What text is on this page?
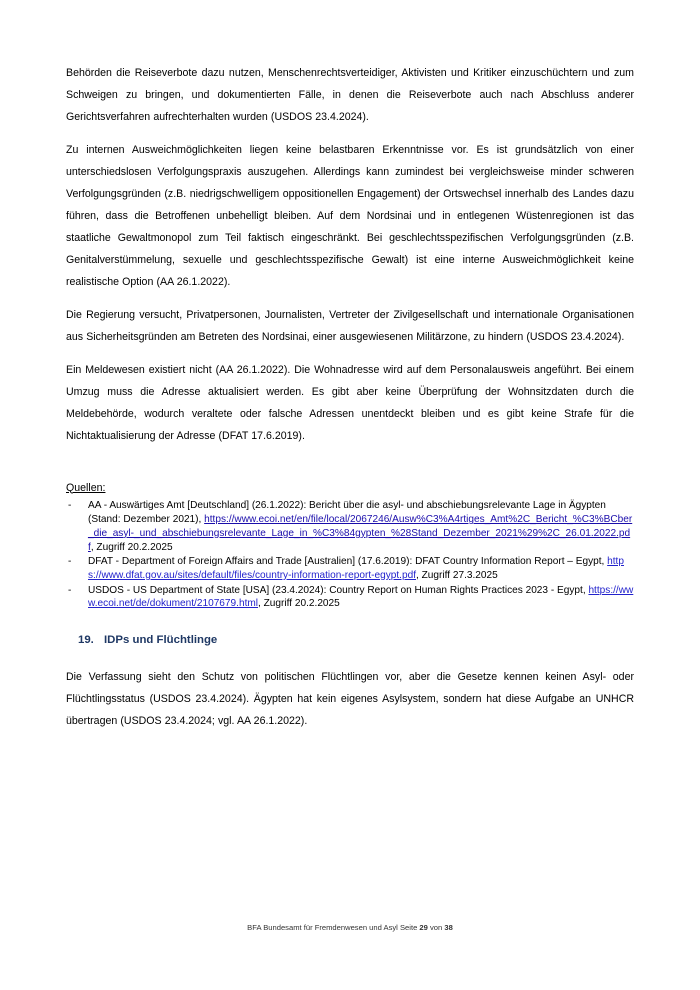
Behörden die Reiseverbote dazu nutzen, Menschenrechtsverteidiger, Aktivisten und Kritiker einzuschüchtern und zum Schweigen zu bringen, und dokumentierten Fälle, in denen die Reiseverbote auch nach Abschluss anderer Gerichtsverfahren aufrechterhalten wurden (USDOS 23.4.2024).

Zu internen Ausweichmöglichkeiten liegen keine belastbaren Erkenntnisse vor. Es ist grundsätzlich von einer unterschiedslosen Verfolgungspraxis auszugehen. Allerdings kann zumindest bei vergleichsweise minder schweren Verfolgungsgründen (z.B. niedrigschwelligem oppositionellen Engagement) der Ortswechsel innerhalb des Landes dazu führen, dass die Betroffenen unbehelligt bleiben. Auf dem Nordsinai und in entlegenen Wüstenregionen ist das staatliche Gewaltmonopol zum Teil faktisch eingeschränkt. Bei geschlechtsspezifischen Verfolgungsgründen (z.B. Genitalverstümmelung, sexuelle und geschlechtsspezifische Gewalt) ist eine interne Ausweichmöglichkeit keine realistische Option (AA 26.1.2022).

Die Regierung versucht, Privatpersonen, Journalisten, Vertreter der Zivilgesellschaft und internationale Organisationen aus Sicherheitsgründen am Betreten des Nordsinai, einer ausgewiesenen Militärzone, zu hindern (USDOS 23.4.2024).

Ein Meldewesen existiert nicht (AA 26.1.2022). Die Wohnadresse wird auf dem Personalausweis angeführt. Bei einem Umzug muss die Adresse aktualisiert werden. Es gibt aber keine Überprüfung der Wohnsitzdaten durch die Meldebehörde, wodurch veraltete oder falsche Adressen unentdeckt bleiben und es gibt keine Strafe für die Nichtaktualisierung der Adresse (DFAT 17.6.2019).

Quellen:
- AA - Auswärtiges Amt [Deutschland] (26.1.2022): Bericht über die asyl- und abschiebungsrelevante Lage in Ägypten (Stand: Dezember 2021), https://www.ecoi.net/en/file/local/2067246/Ausw%C3%A4rtiges_Amt%2C_Bericht_%C3%BCber_die_asyl-_und_abschiebungsrelevante_Lage_in_%C3%84gypten_%28Stand_Dezember_2021%29%2C_26.01.2022.pdf, Zugriff 20.2.2025
- DFAT - Department of Foreign Affairs and Trade [Australien] (17.6.2019): DFAT Country Information Report – Egypt, https://www.dfat.gov.au/sites/default/files/country-information-report-egypt.pdf, Zugriff 27.3.2025
- USDOS - US Department of State [USA] (23.4.2024): Country Report on Human Rights Practices 2023 - Egypt, https://www.ecoi.net/de/dokument/2107679.html, Zugriff 20.2.2025
19. IDPs und Flüchtlinge

Die Verfassung sieht den Schutz von politischen Flüchtlingen vor, aber die Gesetze kennen keinen Asyl- oder Flüchtlingsstatus (USDOS 23.4.2024). Ägypten hat kein eigenes Asylsystem, sondern hat diese Aufgabe an UNHCR übertragen (USDOS 23.4.2024; vgl. AA 26.1.2022).

BFA Bundesamt für Fremdenwesen und Asyl Seite 29 von 38
